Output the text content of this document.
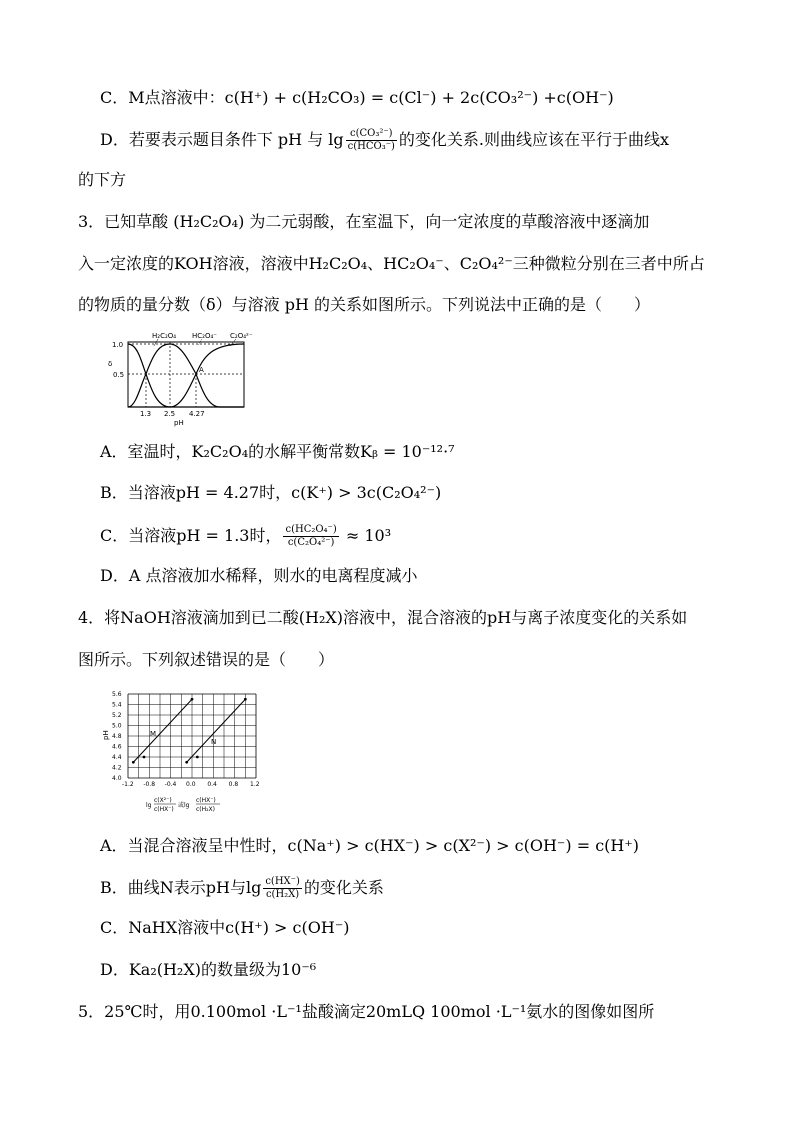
C．M点溶液中：c(H⁺) + c(H₂CO₃) = c(Cl⁻) + 2c(CO₃²⁻) +c(OH⁻)
D．若要表示题目条件下 pH 与 $\lg \frac{\text{c(CO₃²⁻)}}{\text{c(HCO₃⁻)}}$ 的变化关系.则曲线应该在平行于曲线x
的下方
3．已知草酸 (H₂C₂O₄) 为二元弱酸，在室温下，向一定浓度的草酸溶液中逐滴加
入一定浓度的KOH溶液，溶液中H₂C₂O₄、HC₂O₄⁻、C₂O₄²⁻三种微粒分别在三者中所占
的物质的量分数（δ）与溶液 pH 的关系如图所示。下列说法中正确的是（　　）
H₂C₂O₄ HC₂O₄⁻ C₂O₄²⁻
1.0
0.5
δ
A
1.3 2.5 4.27
pH
A．室温时，K₂C₂O₄的水解平衡常数Kᵦ = 10⁻¹²·⁷
B．当溶液pH = 4.27时，c(K⁺) > 3c(C₂O₄²⁻)
C．当溶液pH = 1.3时， $\frac{\text{c(HC₂O₄⁻)}}{\text{c(C₂O₄²⁻)}} \approx 10^3$
D．A 点溶液加水稀释，则水的电离程度减小
4．将NaOH溶液滴加到已二酸(H₂X)溶液中，混合溶液的pH与离子浓度变化的关系如
图所示。下列叙述错误的是（　　）
5.6
5.4
5.2
5.0
4.8
4.6
4.4
4.2
4.0
-1.2 -0.8 -0.4 0.0 0.4 0.8 1.2
pH	M
N
lg
c(X²⁻)
c(HX⁻)
或lg
c(HX⁻)
c(H₂X)
A．当混合溶液呈中性时，c(Na⁺) > c(HX⁻) > c(X²⁻) > c(OH⁻) = c(H⁺)
B．曲线N表示pH与$\lg \frac{c(HX^-)}{\text{c(H₂X)}}$ 的变化关系
C．NaHX溶液中c(H⁺) > c(OH⁻)
D．Ka₂(H₂X)的数量级为10⁻⁶
5．25℃时，用0.100mol ·L⁻¹盐酸滴定20mLQ 100mol ·L⁻¹氨水的图像如图所
